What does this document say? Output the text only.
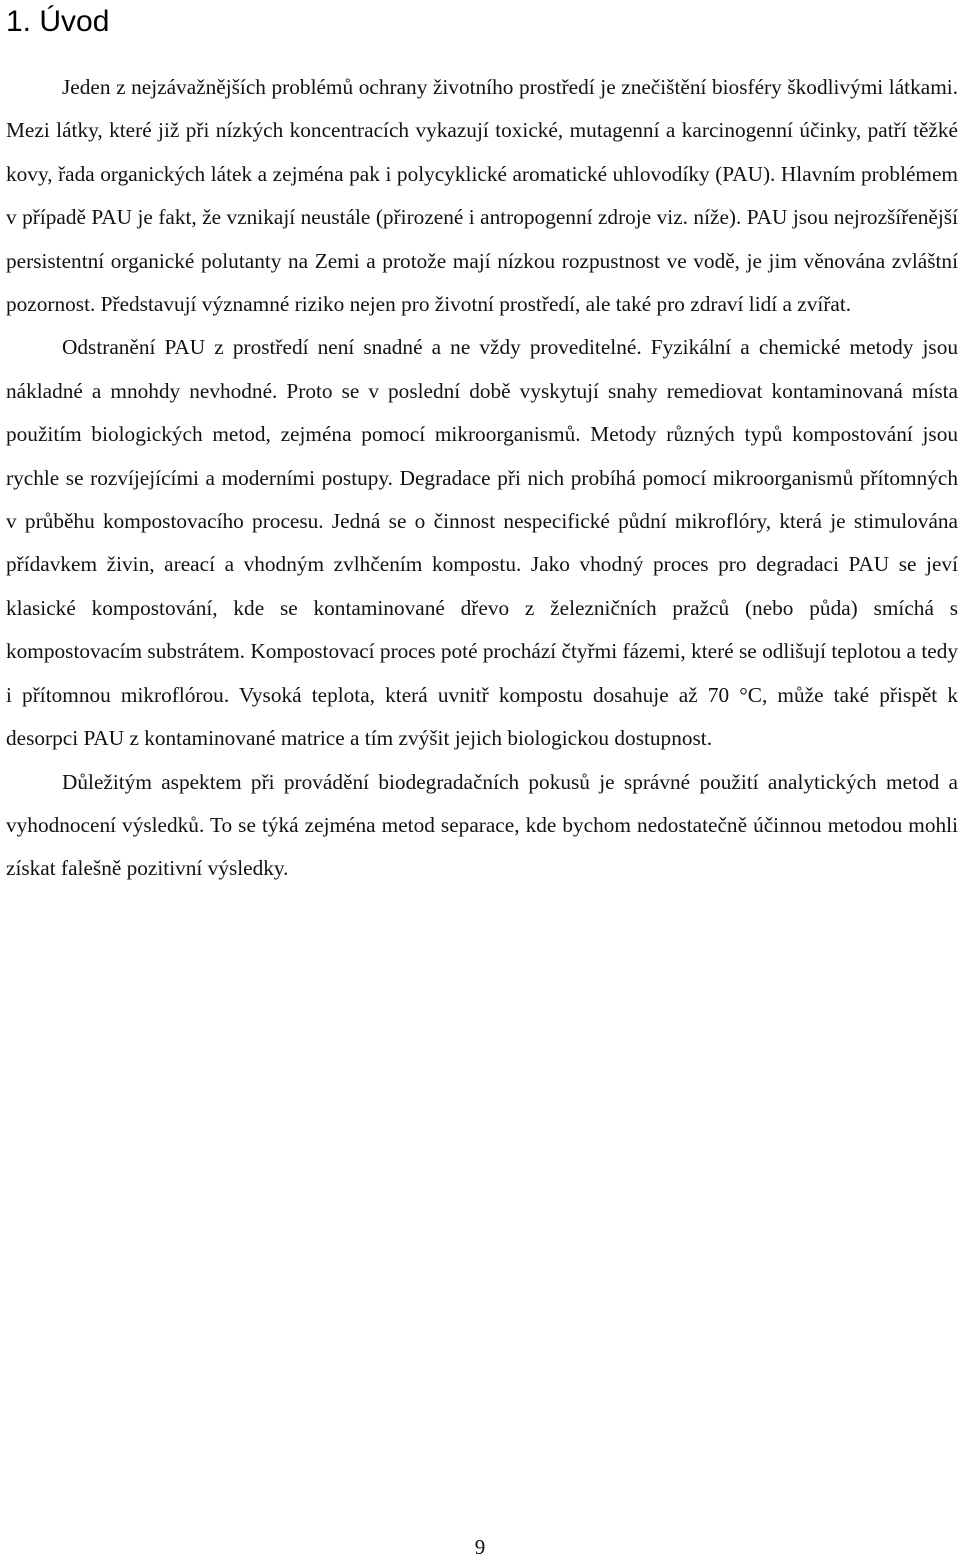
1. Úvod

Jeden z nejzávažnějších problémů ochrany životního prostředí je znečištění biosféry škodlivými látkami. Mezi látky, které již při nízkých koncentracích vykazují toxické, mutagenní a karcinogenní účinky, patří těžké kovy, řada organických látek a zejména pak i polycyklické aromatické uhlovodíky (PAU). Hlavním problémem v případě PAU je fakt, že vznikají neustále (přirozené i antropogenní zdroje viz. níže). PAU jsou nejrozšířenější persistentní organické polutanty na Zemi a protože mají nízkou rozpustnost ve vodě, je jim věnována zvláštní pozornost. Představují významné riziko nejen pro životní prostředí, ale také pro zdraví lidí a zvířat.

Odstranění PAU z prostředí není snadné a ne vždy proveditelné. Fyzikální a chemické metody jsou nákladné a mnohdy nevhodné. Proto se v poslední době vyskytují snahy remediovat kontaminovaná místa použitím biologických metod, zejména pomocí mikroorganismů. Metody různých typů kompostování jsou rychle se rozvíjejícími a moderními postupy. Degradace při nich probíhá pomocí mikroorganismů přítomných v průběhu kompostovacího procesu. Jedná se o činnost nespecifické půdní mikroflóry, která je stimulována přídavkem živin, areací a vhodným zvlhčením kompostu. Jako vhodný proces pro degradaci PAU se jeví klasické kompostování, kde se kontaminované dřevo z železničních pražců (nebo půda) smíchá s kompostovacím substrátem. Kompostovací proces poté prochází čtyřmi fázemi, které se odlišují teplotou a tedy i přítomnou mikroflórou. Vysoká teplota, která uvnitř kompostu dosahuje až 70 °C, může také přispět k desorpci PAU z kontaminované matrice a tím zvýšit jejich biologickou dostupnost.

Důležitým aspektem při provádění biodegradačních pokusů je správné použití analytických metod a vyhodnocení výsledků. To se týká zejména metod separace, kde bychom nedostatečně účinnou metodou mohli získat falešně pozitivní výsledky.

9
